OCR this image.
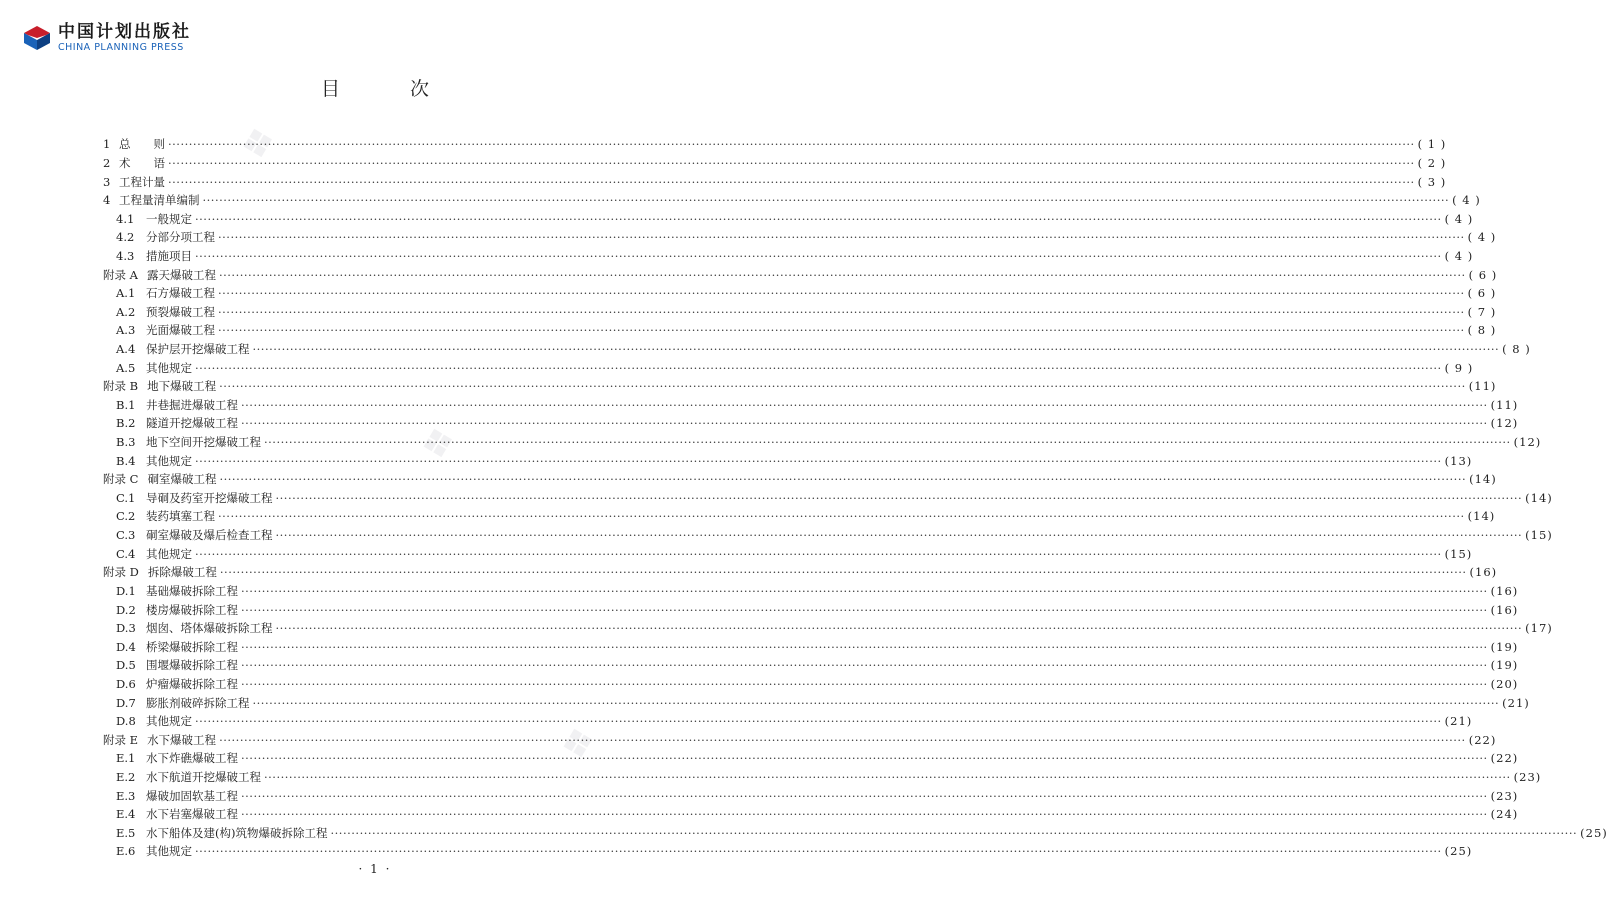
中国计划出版社
CHINA PLANNING PRESS
❖
❖
❖
目 次
1 总　　则 ············································································································································································································································································································ ( 1 )
2 术　　语 ············································································································································································································································································································ ( 2 )
3 工程计量 ············································································································································································································································································································ ( 3 )
4 工程量清单编制 ············································································································································································································································································································ ( 4 )
4.1	一般规定 ············································································································································································································································································································ ( 4 )
4.2	分部分项工程 ············································································································································································································································································································ ( 4 )
4.3	措施项目 ············································································································································································································································································································ ( 4 )
附录 A 露天爆破工程 ············································································································································································································································································································ ( 6 )
A.1 石方爆破工程 ············································································································································································································································································································ ( 6 )
A.2 预裂爆破工程 ············································································································································································································································································································ ( 7 )
A.3 光面爆破工程 ············································································································································································································································································································ ( 8 )
A.4 保护层开挖爆破工程 ············································································································································································································································································································ ( 8 )
A.5 其他规定 ············································································································································································································································································································ ( 9 )
附录 B 地下爆破工程 ············································································································································································································································································································ (11)
B.1 井巷掘进爆破工程 ············································································································································································································································································································ (11)
B.2 隧道开挖爆破工程 ············································································································································································································································································································ (12)
B.3 地下空间开挖爆破工程 ············································································································································································································································································································ (12)
B.4 其他规定 ············································································································································································································································································································ (13)
附录 C 硐室爆破工程 ············································································································································································································································································································ (14)
C.1 导硐及药室开挖爆破工程 ············································································································································································································································································································ (14)
C.2 装药填塞工程 ············································································································································································································································································································ (14)
C.3 硐室爆破及爆后检查工程 ············································································································································································································································································································ (15)
C.4 其他规定 ············································································································································································································································································································ (15)
附录 D 拆除爆破工程 ············································································································································································································································································································ (16)
D.1 基础爆破拆除工程 ············································································································································································································································································································ (16)
D.2 楼房爆破拆除工程 ············································································································································································································································································································ (16)
D.3 烟囱、塔体爆破拆除工程 ············································································································································································································································································································ (17)
D.4 桥梁爆破拆除工程 ············································································································································································································································································································ (19)
D.5 围堰爆破拆除工程 ············································································································································································································································································································ (19)
D.6 炉瘤爆破拆除工程 ············································································································································································································································································································ (20)
D.7 膨胀剂破碎拆除工程 ············································································································································································································································································································ (21)
D.8 其他规定 ············································································································································································································································································································ (21)
附录 E 水下爆破工程 ············································································································································································································································································································ (22)
E.1 水下炸礁爆破工程 ············································································································································································································································································································ (22)
E.2 水下航道开挖爆破工程 ············································································································································································································································································································ (23)
E.3 爆破加固软基工程 ············································································································································································································································································································ (23)
E.4 水下岩塞爆破工程 ············································································································································································································································································································ (24)
E.5 水下船体及建(构)筑物爆破拆除工程 ············································································································································································································································································································ (25)
E.6 其他规定 ············································································································································································································································································································ (25)
· 1 ·
